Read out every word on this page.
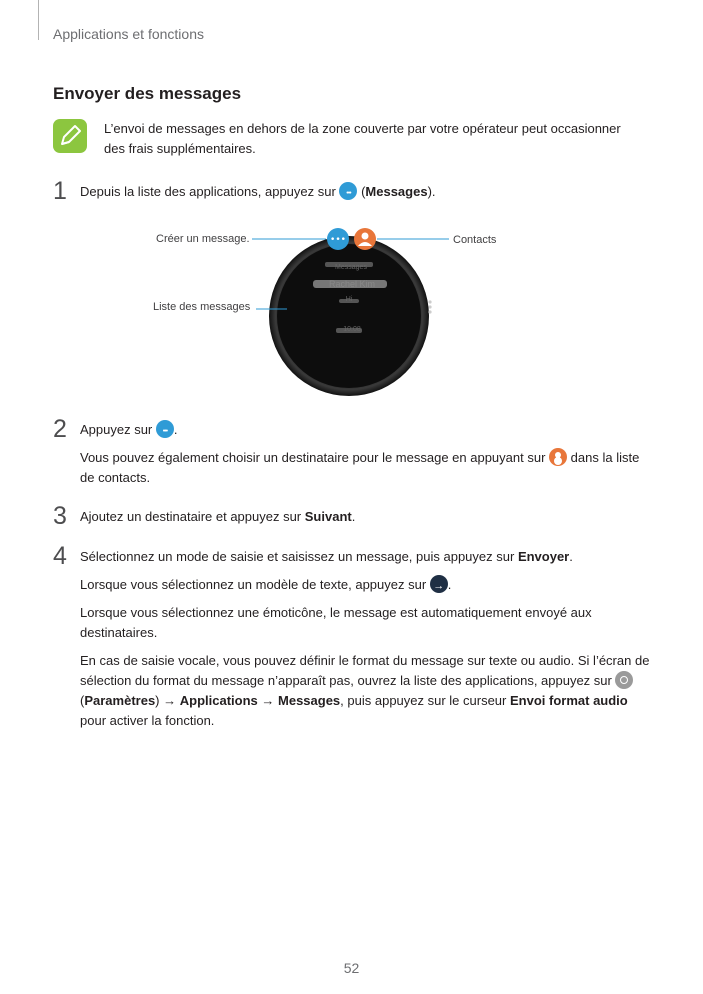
Applications et fonctions
Envoyer des messages
L’envoi de messages en dehors de la zone couverte par votre opérateur peut occasionner des frais supplémentaires.
1 Depuis la liste des applications, appuyez sur ••• (Messages).
•••
Créer un message.	Contacts
Liste des messages
Messages
Rachel Kim
Hi
10:08
2 Appuyez sur ••• .

Vous pouvez également choisir un destinataire pour le message en appuyant sur dans la liste de contacts.

3 Ajoutez un destinataire et appuyez sur Suivant.
4 Sélectionnez un mode de saisie et saisissez un message, puis appuyez sur Envoyer.

Lorsque vous sélectionnez un modèle de texte, appuyez sur → .

Lorsque vous sélectionnez une émoticône, le message est automatiquement envoyé aux destinataires.

En cas de saisie vocale, vous pouvez définir le format du message sur texte ou audio. Si l’écran de sélection du format du message n’apparaît pas, ouvrez la liste des applications, appuyez sur  (Paramètres) → Applications → Messages, puis appuyez sur le curseur Envoi format audio pour activer la fonction.

52
